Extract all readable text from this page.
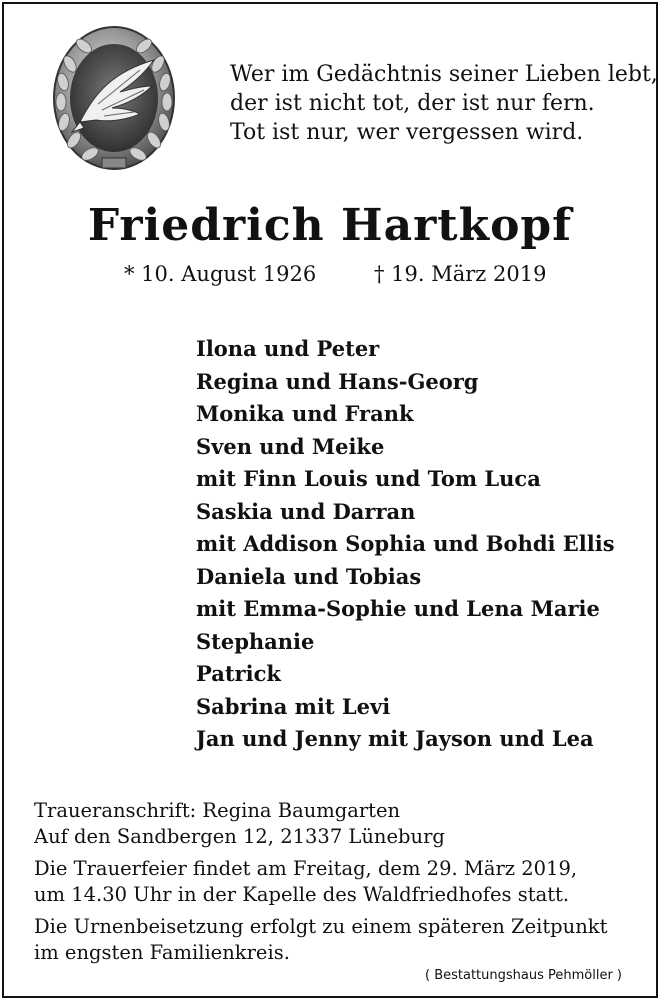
Wer im Gedächtnis seiner Lieben lebt,
der ist nicht tot, der ist nur fern.
Tot ist nur, wer vergessen wird.
Friedrich Hartkopf
* 10. August 1926	† 19. März 2019
Ilona und Peter
Regina und Hans-Georg
Monika und Frank
Sven und Meike
mit Finn Louis und Tom Luca
Saskia und Darran
mit Addison Sophia und Bohdi Ellis
Daniela und Tobias
mit Emma-Sophie und Lena Marie
Stephanie
Patrick
Sabrina mit Levi
Jan und Jenny mit Jayson und Lea
Traueranschrift: Regina Baumgarten
Auf den Sandbergen 12, 21337 Lüneburg
Die Trauerfeier findet am Freitag, dem 29. März 2019,
um 14.30 Uhr in der Kapelle des Waldfriedhofes statt.
Die Urnenbeisetzung erfolgt zu einem späteren Zeitpunkt
im engsten Familienkreis.
( Bestattungshaus Pehmöller )
